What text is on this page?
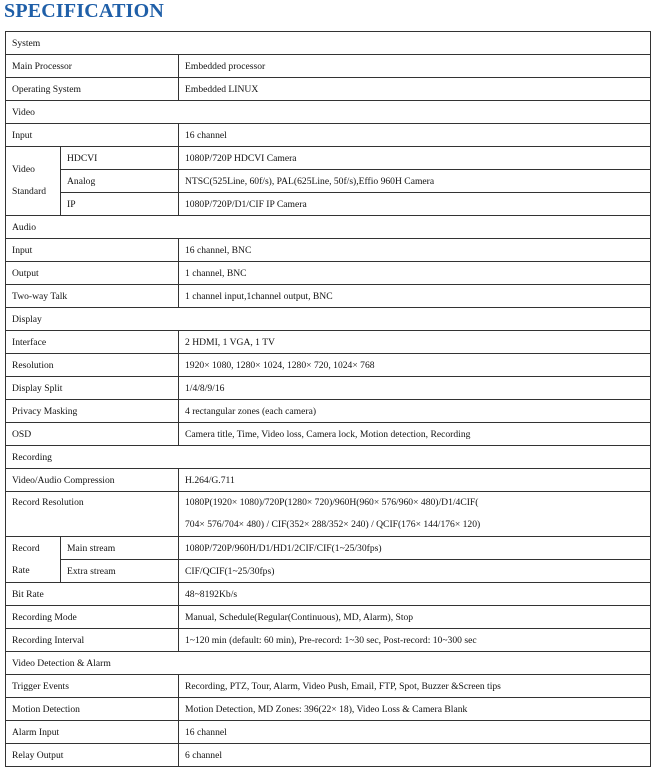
SPECIFICATION
System		
Main Processor		Embedded processor
Operating System		Embedded LINUX
Video		
Input		16 channel
Video
Standard	HDCVI	1080P/720P HDCVI Camera
	Analog	NTSC(525Line, 60f/s), PAL(625Line, 50f/s),Effio 960H Camera
	IP	1080P/720P/D1/CIF IP Camera
Audio		
Input		16 channel, BNC
Output		1 channel, BNC
Two-way Talk		1 channel input,1channel output, BNC
Display		
Interface		2 HDMI, 1 VGA, 1 TV
Resolution		1920× 1080, 1280× 1024, 1280× 720, 1024× 768
Display Split		1/4/8/9/16
Privacy Masking		4 rectangular zones (each camera)
OSD		Camera title, Time, Video loss, Camera lock, Motion detection, Recording
Recording		
Video/Audio Compression		H.264/G.711
Record Resolution		1080P(1920× 1080)/720P(1280× 720)/960H(960× 576/960× 480)/D1/4CIF(
704× 576/704× 480) / CIF(352× 288/352× 240) / QCIF(176× 144/176× 120)
Record
Rate	Main stream	1080P/720P/960H/D1/HD1/2CIF/CIF(1~25/30fps)
	Extra stream	CIF/QCIF(1~25/30fps)
Bit Rate		48~8192Kb/s
Recording Mode		Manual, Schedule(Regular(Continuous), MD, Alarm), Stop
Recording Interval		1~120 min (default: 60 min), Pre-record: 1~30 sec, Post-record: 10~300 sec
Video Detection & Alarm		
Trigger Events		Recording, PTZ, Tour, Alarm, Video Push, Email, FTP, Spot, Buzzer &Screen tips
Motion Detection		Motion Detection, MD Zones: 396(22× 18), Video Loss & Camera Blank
Alarm Input		16 channel
Relay Output		6 channel
